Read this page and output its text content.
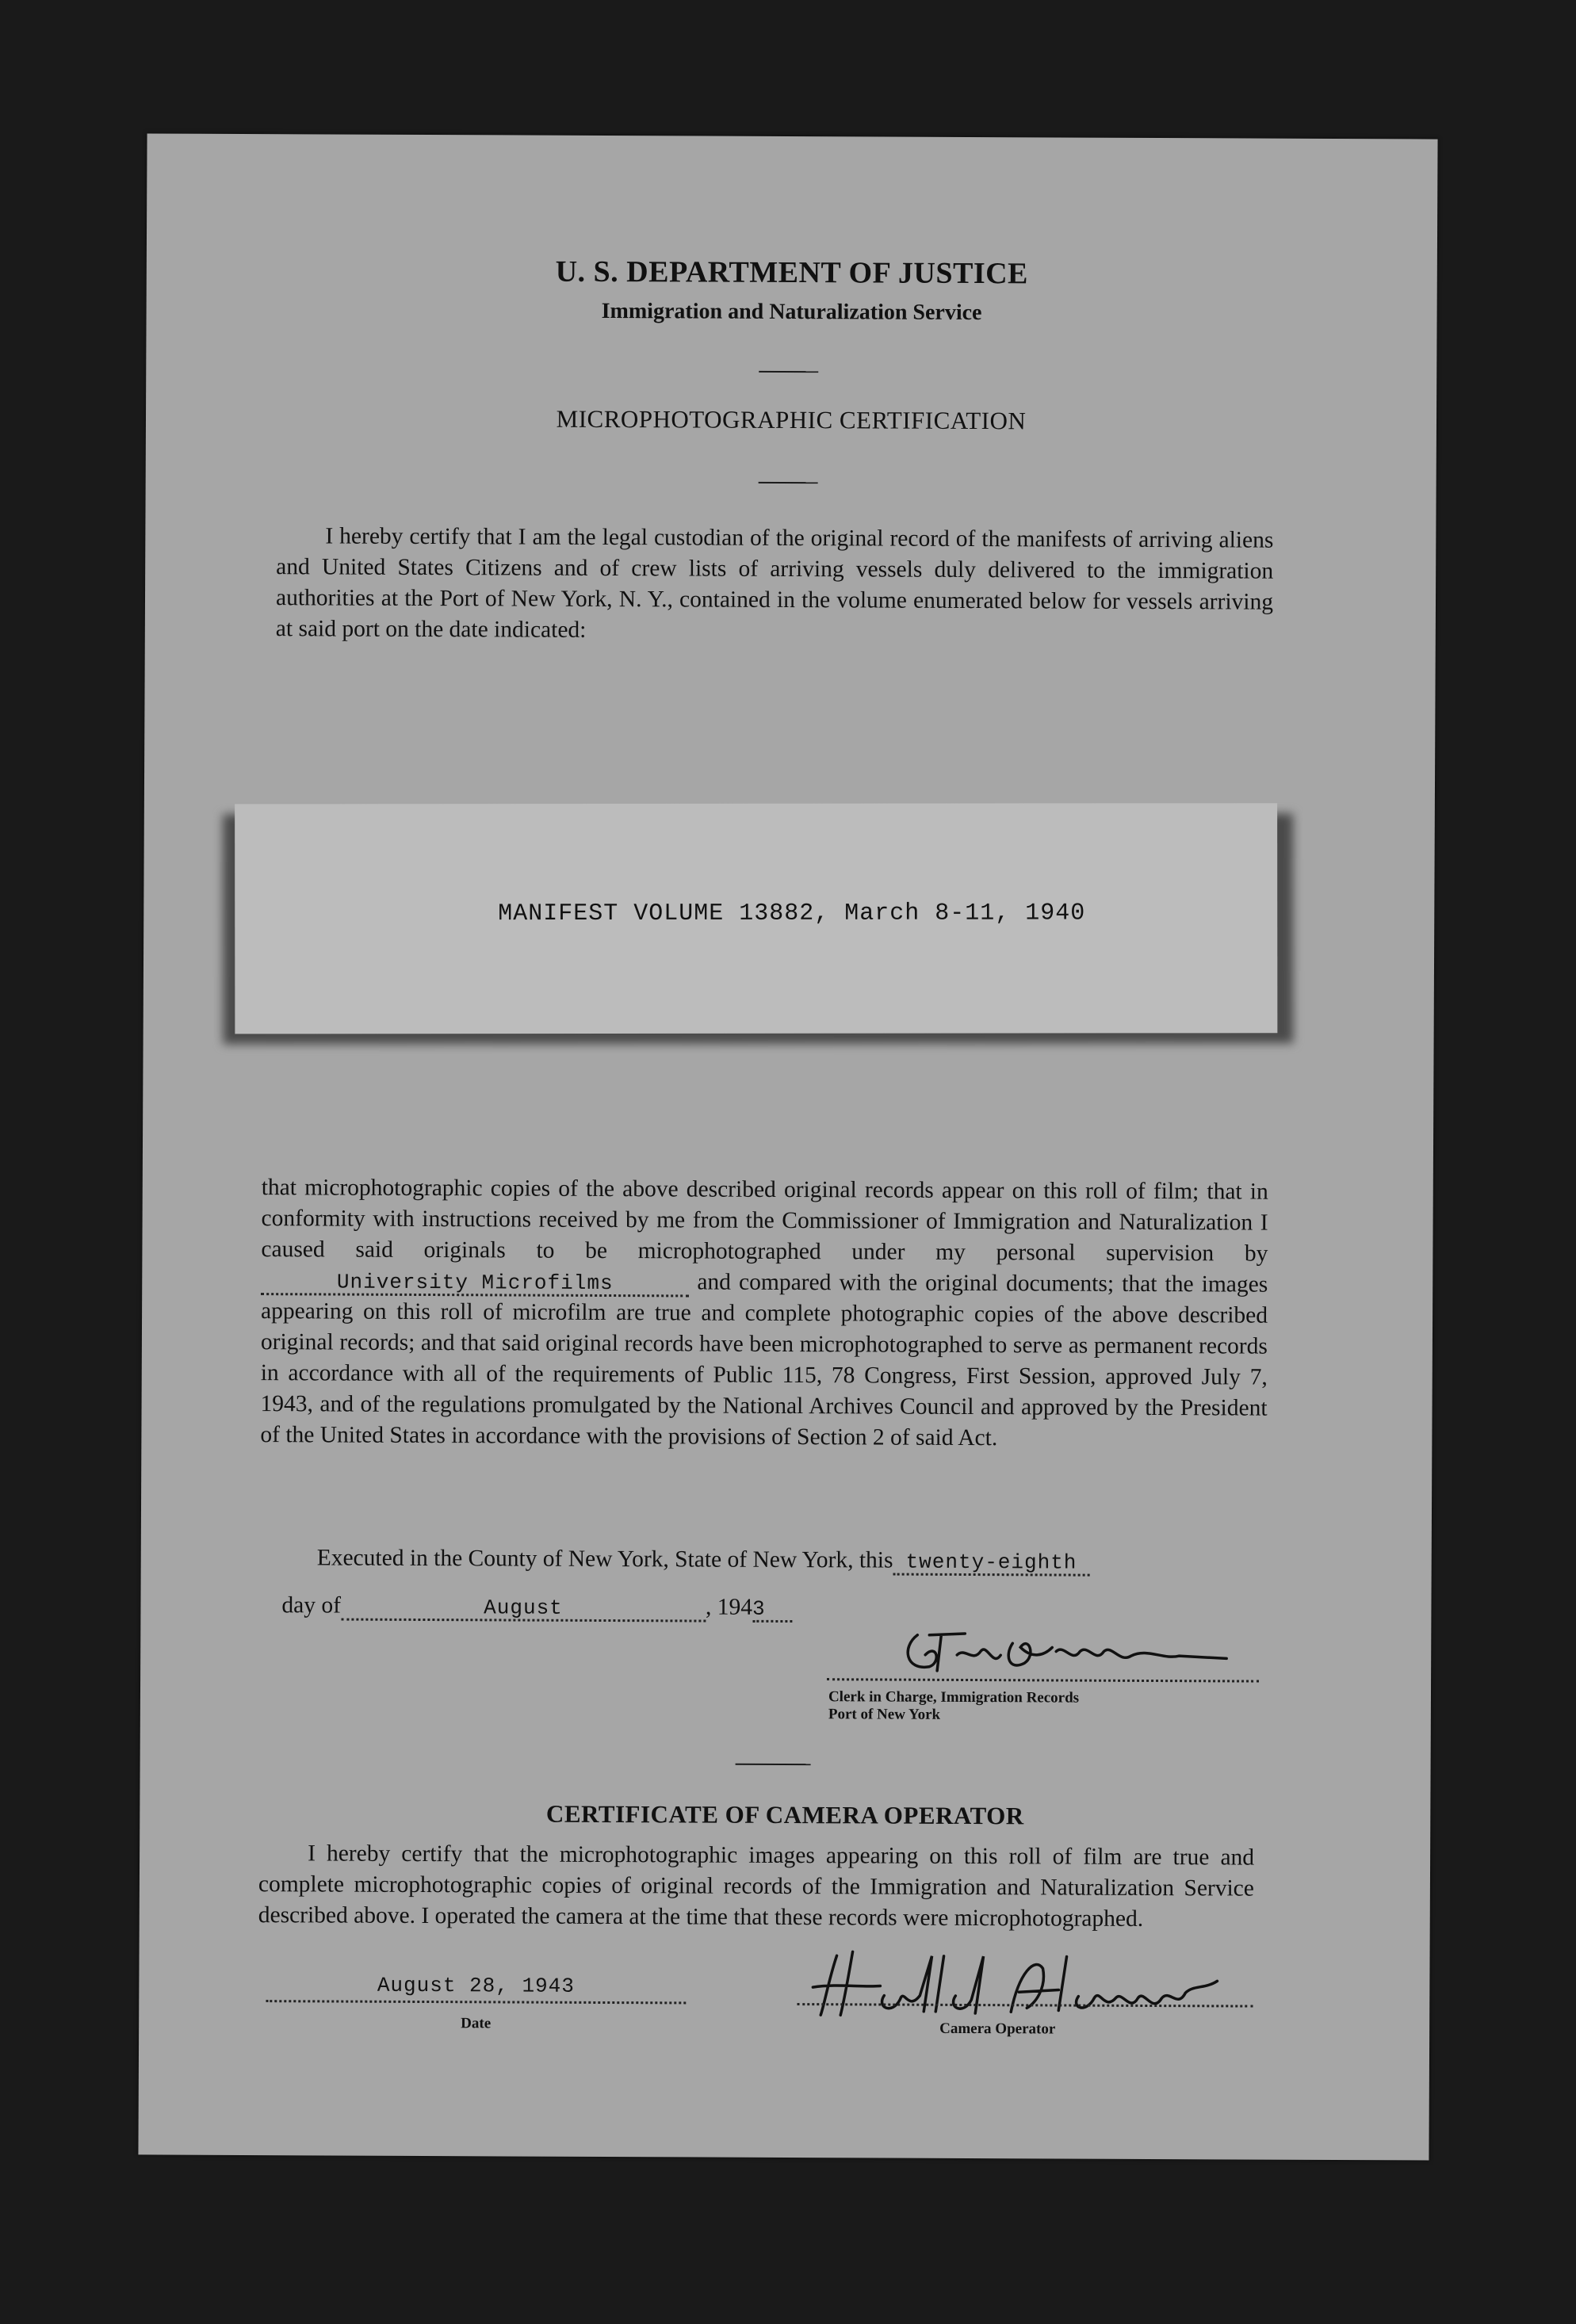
U. S. DEPARTMENT OF JUSTICE
Immigration and Naturalization Service
MICROPHOTOGRAPHIC CERTIFICATION
I hereby certify that I am the legal custodian of the original record of the manifests of arriving aliens and United States Citizens and of crew lists of arriving vessels duly delivered to the immigration authorities at the Port of New York, N. Y., contained in the volume enumerated below for vessels arriving at said port on the date indicated:
MANIFEST VOLUME 13882, March 8-11, 1940
that microphotographic copies of the above described original records appear on this roll of film; that in conformity with instructions received by me from the Commissioner of Immigration and Naturalization I caused said originals to be microphotographed under my personal supervision byUniversity Microfilms	and compared with the original documents; that the images appearing on this roll of microfilm are true and complete photographic copies of the above described original records; and that said original records have been microphotographed to serve as permanent records in accordance with all of the requirements of Public 115, 78 Congress, First Session, approved July 7, 1943, and of the regulations promulgated by the National Archives Council and approved by the President of the United States in accordance with the provisions of Section 2 of said Act.
Executed in the County of New York, State of New York, this twenty-eighth
day of	August	, 1943
Clerk in Charge, Immigration Records
Port of New York
CERTIFICATE OF CAMERA OPERATOR
I hereby certify that the microphotographic images appearing on this roll of film are true and complete microphotographic copies of original records of the Immigration and Naturalization Service described above. I operated the camera at the time that these records were microphotographed.
August 28, 1943
Date	Camera Operator
